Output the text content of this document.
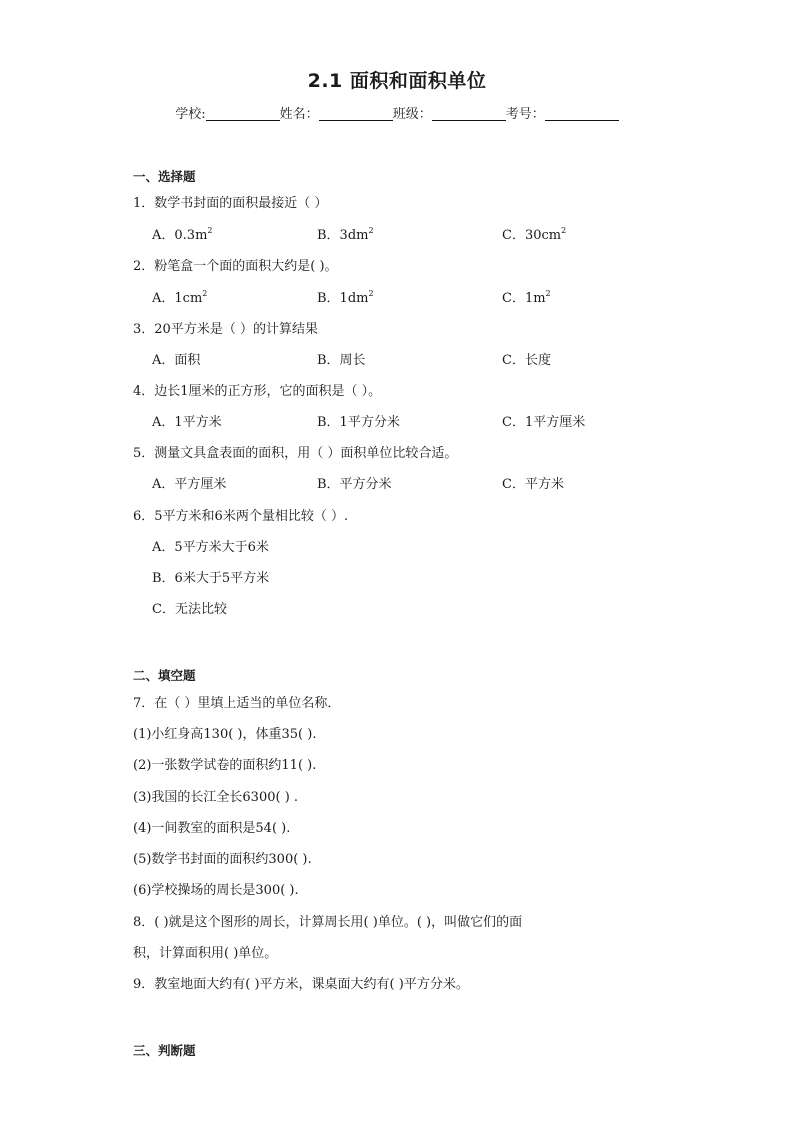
2.1 面积和面积单位
学校:	姓名：	班级：	考号：
一、选择题
1．数学书封面的面积最接近（ ）
A．$0.3m^2$	B．$3dm^2$	C．$30cm^2$
2．粉笔盒一个面的面积大约是( )。
A．$1cm^2$	B．$1dm^2$	C．$1m^2$
3．20平方米是（ ）的计算结果
A．面积	B．周长	C．长度
4．边长1厘米的正方形，它的面积是（ ）。
A．1平方米	B．1平方分米	C．1平方厘米
5．测量文具盒表面的面积，用（ ）面积单位比较合适。
A．平方厘米	B．平方分米	C．平方米
6．5平方米和6米两个量相比较（ ）.
A．5平方米大于6米
B．6米大于5平方米
C．无法比较
二、填空题
7．在（ ）里填上适当的单位名称．
(1)小红身高130( )，体重35( ).
(2)一张数学试卷的面积约11( ).
(3)我国的长江全长6300( ) .
(4)一间教室的面积是54( ).
(5)数学书封面的面积约300( ).
(6)学校操场的周长是300( ).
8．( )就是这个图形的周长，计算周长用( )单位。( )，叫做它们的面
积，计算面积用( )单位。
9．教室地面大约有( )平方米，课桌面大约有( )平方分米。
三、判断题
